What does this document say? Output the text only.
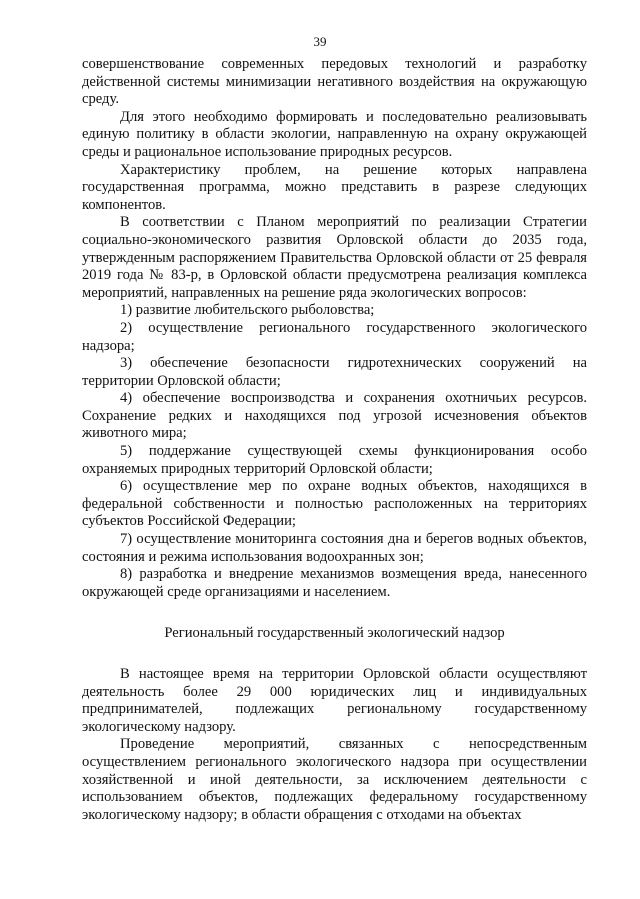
39

совершенствование современных передовых технологий и разработку действенной системы минимизации негативного воздействия на окружающую среду.

Для этого необходимо формировать и последовательно реализовывать единую политику в области экологии, направленную на охрану окружающей среды и рациональное использование природных ресурсов.

Характеристику проблем, на решение которых направлена государственная программа, можно представить в разрезе следующих компонентов.

В соответствии с Планом мероприятий по реализации Стратегии социально-экономического развития Орловской области до 2035 года, утвержденным распоряжением Правительства Орловской области от 25 февраля 2019 года № 83-р, в Орловской области предусмотрена реализация комплекса мероприятий, направленных на решение ряда экологических вопросов:

1) развитие любительского рыболовства;

2) осуществление регионального государственного экологического надзора;

3) обеспечение безопасности гидротехнических сооружений на территории Орловской области;

4) обеспечение воспроизводства и сохранения охотничьих ресурсов. Сохранение редких и находящихся под угрозой исчезновения объектов животного мира;

5) поддержание существующей схемы функционирования особо охраняемых природных территорий Орловской области;

6) осуществление мер по охране водных объектов, находящихся в федеральной собственности и полностью расположенных на территориях субъектов Российской Федерации;

7) осуществление мониторинга состояния дна и берегов водных объектов, состояния и режима использования водоохранных зон;

8) разработка и внедрение механизмов возмещения вреда, нанесенного окружающей среде организациями и населением.

Региональный государственный экологический надзор

В настоящее время на территории Орловской области осуществляют деятельность более 29 000 юридических лиц и индивидуальных предпринимателей, подлежащих региональному государственному экологическому надзору.

Проведение мероприятий, связанных с непосредственным осуществлением регионального экологического надзора при осуществлении хозяйственной и иной деятельности, за исключением деятельности с использованием объектов, подлежащих федеральному государственному экологическому надзору; в области обращения с отходами на объектах
